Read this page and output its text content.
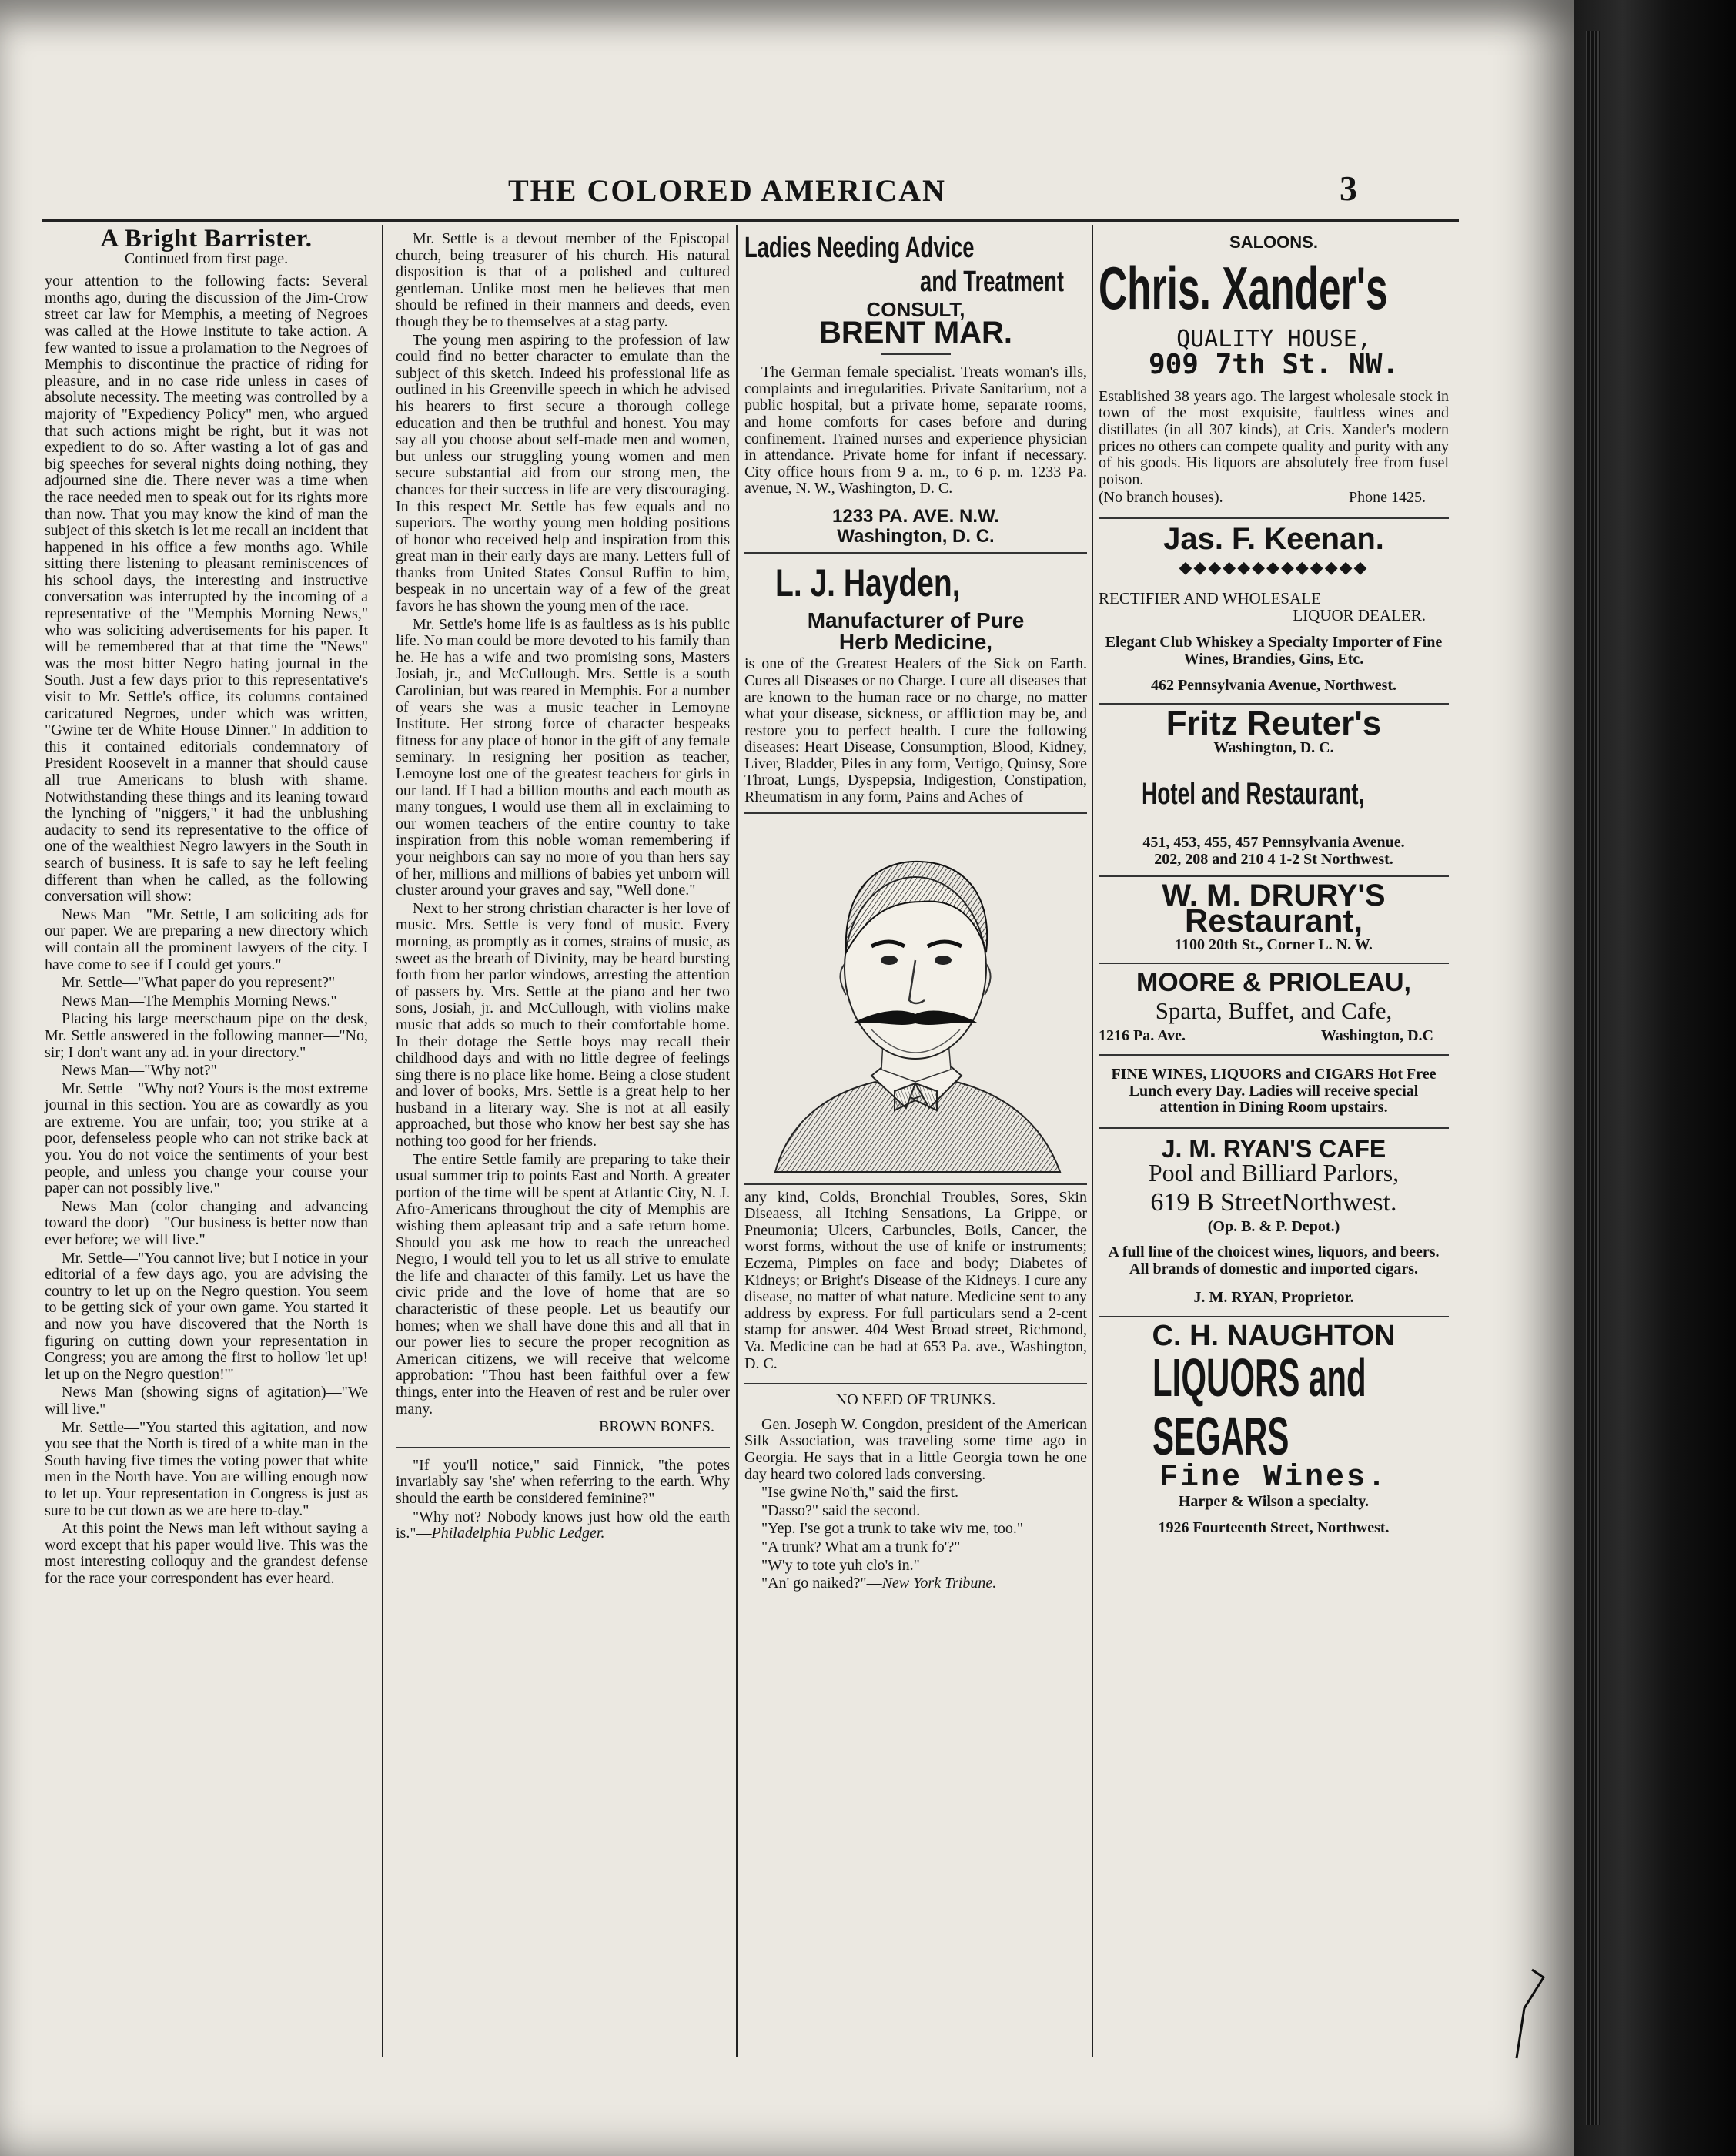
THE COLORED AMERICAN	3
A Bright Barrister.

Continued from first page.

your attention to the following facts: Several months ago, during the discussion of the Jim-Crow street car law for Memphis, a meeting of Negroes was called at the Howe Institute to take action. A few wanted to issue a prolamation to the Negroes of Memphis to discontinue the practice of riding for pleasure, and in no case ride unless in cases of absolute necessity. The meeting was controlled by a majority of "Expediency Policy" men, who argued that such actions might be right, but it was not expedient to do so. After wasting a lot of gas and big speeches for several nights doing nothing, they adjourned sine die. There never was a time when the race needed men to speak out for its rights more than now. That you may know the kind of man the subject of this sketch is let me recall an incident that happened in his office a few months ago. While sitting there listening to pleasant reminiscences of his school days, the interesting and instructive conversation was interrupted by the incoming of a representative of the "Memphis Morning News," who was soliciting advertisements for his paper. It will be remembered that at that time the "News" was the most bitter Negro hating journal in the South. Just a few days prior to this representative's visit to Mr. Settle's office, its columns contained caricatured Negroes, under which was written, "Gwine ter de White House Dinner." In addition to this it contained editorials condemnatory of President Roosevelt in a manner that should cause all true Americans to blush with shame. Notwithstanding these things and its leaning toward the lynching of "niggers," it had the unblushing audacity to send its representative to the office of one of the wealthiest Negro lawyers in the South in search of business. It is safe to say he left feeling different than when he called, as the following conversation will show:

News Man—"Mr. Settle, I am soliciting ads for our paper. We are preparing a new directory which will contain all the prominent lawyers of the city. I have come to see if I could get yours."

Mr. Settle—"What paper do you represent?"

News Man—The Memphis Morning News."

Placing his large meerschaum pipe on the desk, Mr. Settle answered in the following manner—"No, sir; I don't want any ad. in your directory."

News Man—"Why not?"

Mr. Settle—"Why not? Yours is the most extreme journal in this section. You are as cowardly as you are extreme. You are unfair, too; you strike at a poor, defenseless people who can not strike back at you. You do not voice the sentiments of your best people, and unless you change your course your paper can not possibly live."

News Man (color changing and advancing toward the door)—"Our business is better now than ever before; we will live."

Mr. Settle—"You cannot live; but I notice in your editorial of a few days ago, you are advising the country to let up on the Negro question. You seem to be getting sick of your own game. You started it and now you have discovered that the North is figuring on cutting down your representation in Congress; you are among the first to hollow 'let up! let up on the Negro question!'"

News Man (showing signs of agitation)—"We will live."

Mr. Settle—"You started this agitation, and now you see that the North is tired of a white man in the South having five times the voting power that white men in the North have. You are willing enough now to let up. Your representation in Congress is just as sure to be cut down as we are here to-day."

At this point the News man left without saying a word except that his paper would live. This was the most interesting colloquy and the grandest defense for the race your correspondent has ever heard.

Mr. Settle is a devout member of the Episcopal church, being treasurer of his church. His natural disposition is that of a polished and cultured gentleman. Unlike most men he believes that men should be refined in their manners and deeds, even though they be to themselves at a stag party.

The young men aspiring to the profession of law could find no better character to emulate than the subject of this sketch. Indeed his professional life as outlined in his Greenville speech in which he advised his hearers to first secure a thorough college education and then be truthful and honest. You may say all you choose about self-made men and women, but unless our struggling young women and men secure substantial aid from our strong men, the chances for their success in life are very discouraging. In this respect Mr. Settle has few equals and no superiors. The worthy young men holding positions of honor who received help and inspiration from this great man in their early days are many. Letters full of thanks from United States Consul Ruffin to him, bespeak in no uncertain way of a few of the great favors he has shown the young men of the race.

Mr. Settle's home life is as faultless as is his public life. No man could be more devoted to his family than he. He has a wife and two promising sons, Masters Josiah, jr., and McCullough. Mrs. Settle is a south Carolinian, but was reared in Memphis. For a number of years she was a music teacher in Lemoyne Institute. Her strong force of character bespeaks fitness for any place of honor in the gift of any female seminary. In resigning her position as teacher, Lemoyne lost one of the greatest teachers for girls in our land. If I had a billion mouths and each mouth as many tongues, I would use them all in exclaiming to our women teachers of the entire country to take inspiration from this noble woman remembering if your neighbors can say no more of you than hers say of her, millions and millions of babies yet unborn will cluster around your graves and say, "Well done."

Next to her strong christian character is her love of music. Mrs. Settle is very fond of music. Every morning, as promptly as it comes, strains of music, as sweet as the breath of Divinity, may be heard bursting forth from her parlor windows, arresting the attention of passers by. Mrs. Settle at the piano and her two sons, Josiah, jr. and McCullough, with violins make music that adds so much to their comfortable home. In their dotage the Settle boys may recall their childhood days and with no little degree of feelings sing there is no place like home. Being a close student and lover of books, Mrs. Settle is a great help to her husband in a literary way. She is not at all easily approached, but those who know her best say she has nothing too good for her friends.

The entire Settle family are preparing to take their usual summer trip to points East and North. A greater portion of the time will be spent at Atlantic City, N. J. Afro-Americans throughout the city of Memphis are wishing them apleasant trip and a safe return home. Should you ask me how to reach the unreached Negro, I would tell you to let us all strive to emulate the life and character of this family. Let us have the civic pride and the love of home that are so characteristic of these people. Let us beautify our homes; when we shall have done this and all that in our power lies to secure the proper recognition as American citizens, we will receive that welcome approbation: "Thou hast been faithful over a few things, enter into the Heaven of rest and be ruler over many.

BROWN BONES.

"If you'll notice," said Finnick, "the potes invariably say 'she' when referring to the earth. Why should the earth be considered feminine?"

"Why not? Nobody knows just how old the earth is."—Philadelphia Public Ledger.

Ladies Needing Advice
and Treatment
CONSULT,
BRENT MAR.

The German female specialist. Treats woman's ills, complaints and irregularities. Private Sanitarium, not a public hospital, but a private home, separate rooms, and home comforts for cases before and during confinement. Trained nurses and experience physician in attendance. Private home for infant if necessary. City office hours from 9 a. m., to 6 p. m. 1233 Pa. avenue, N. W., Washington, D. C.

1233 PA. AVE. N.W.
Washington, D. C.
L. J. Hayden,
Manufacturer of Pure
Herb Medicine,

is one of the Greatest Healers of the Sick on Earth. Cures all Diseases or no Charge. I cure all diseases that are known to the human race or no charge, no matter what your disease, sickness, or affliction may be, and restore you to perfect health. I cure the following diseases: Heart Disease, Consumption, Blood, Kidney, Liver, Bladder, Piles in any form, Vertigo, Quinsy, Sore Throat, Lungs, Dyspepsia, Indigestion, Constipation, Rheumatism in any form, Pains and Aches of

any kind, Colds, Bronchial Troubles, Sores, Skin Diseaess, all Itching Sensations, La Grippe, or Pneumonia; Ulcers, Carbuncles, Boils, Cancer, the worst forms, without the use of knife or instruments; Eczema, Pimples on face and body; Diabetes of Kidneys; or Bright's Disease of the Kidneys. I cure any disease, no matter of what nature. Medicine sent to any address by express. For full particulars send a 2-cent stamp for answer. 404 West Broad street, Richmond, Va. Medicine can be had at 653 Pa. ave., Washington, D. C.

NO NEED OF TRUNKS.

Gen. Joseph W. Congdon, president of the American Silk Association, was traveling some time ago in Georgia. He says that in a little Georgia town he one day heard two colored lads conversing.

"Ise gwine No'th," said the first.

"Dasso?" said the second.

"Yep. I'se got a trunk to take wiv me, too."

"A trunk? What am a trunk fo'?"

"W'y to tote yuh clo's in."

"An' go naiked?"—New York Tribune.

SALOONS.
Chris. Xander's
QUALITY HOUSE,
909 7th St. NW.

Established 38 years ago. The largest wholesale stock in town of the most exquisite, faultless wines and distillates (in all 307 kinds), at Cris. Xander's modern prices no others can compete quality and purity with any of his goods. His liquors are absolutely free from fusel poison.

(No branch houses).	Phone 1425.
Jas. F. Keenan.
◆◆◆◆◆◆◆◆◆◆◆◆◆
RECTIFIER AND WHOLESALE
LIQUOR DEALER.

Elegant Club Whiskey a Specialty Importer of Fine Wines, Brandies, Gins, Etc.

462 Pennsylvania Avenue, Northwest.

Fritz Reuter's
Washington, D. C.
Hotel and Restaurant,
451, 453, 455, 457 Pennsylvania Avenue.
202, 208 and 210 4 1-2 St Northwest.
W. M. DRURY'S
Restaurant,
1100 20th St., Corner L. N. W.
MOORE & PRIOLEAU,
Sparta, Buffet, and Cafe,
1216 Pa. Ave.	Washington, D.C

FINE WINES, LIQUORS and CIGARS Hot Free Lunch every Day. Ladies will receive special attention in Dining Room upstairs.

J. M. RYAN'S CAFE
Pool and Billiard Parlors,
619 B StreetNorthwest.
(Op. B. & P. Depot.)

A full line of the choicest wines, liquors, and beers. All brands of domestic and imported cigars.

J. M. RYAN, Proprietor.
C. H. NAUGHTON
LIQUORS and
SEGARS
Fine Wines.
Harper & Wilson a specialty.
1926 Fourteenth Street, Northwest.
